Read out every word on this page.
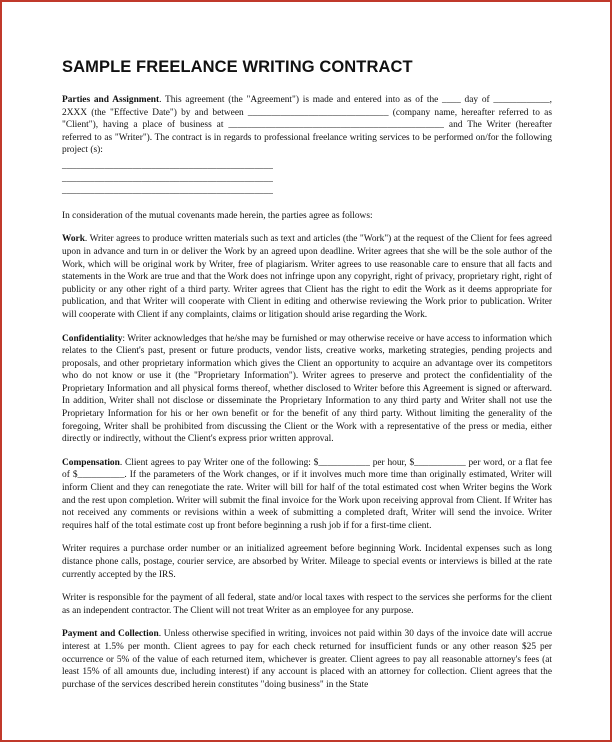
SAMPLE FREELANCE WRITING CONTRACT

Parties and Assignment. This agreement (the "Agreement") is made and entered into as of the ____ day of ____________, 2XXX (the "Effective Date") by and between ______________________________ (company name, hereafter referred to as "Client"), having a place of business at ______________________________________________ and The Writer (hereafter referred to as "Writer"). The contract is in regards to professional freelance writing services to be performed on/for the following project (s):

_____________________________________________
_____________________________________________
_____________________________________________

In consideration of the mutual covenants made herein, the parties agree as follows:

Work. Writer agrees to produce written materials such as text and articles (the "Work") at the request of the Client for fees agreed upon in advance and turn in or deliver the Work by an agreed upon deadline. Writer agrees that she will be the sole author of the Work, which will be original work by Writer, free of plagiarism. Writer agrees to use reasonable care to ensure that all facts and statements in the Work are true and that the Work does not infringe upon any copyright, right of privacy, proprietary right, right of publicity or any other right of a third party. Writer agrees that Client has the right to edit the Work as it deems appropriate for publication, and that Writer will cooperate with Client in editing and otherwise reviewing the Work prior to publication. Writer will cooperate with Client if any complaints, claims or litigation should arise regarding the Work.

Confidentiality: Writer acknowledges that he/she may be furnished or may otherwise receive or have access to information which relates to the Client's past, present or future products, vendor lists, creative works, marketing strategies, pending projects and proposals, and other proprietary information which gives the Client an opportunity to acquire an advantage over its competitors who do not know or use it (the "Proprietary Information"). Writer agrees to preserve and protect the confidentiality of the Proprietary Information and all physical forms thereof, whether disclosed to Writer before this Agreement is signed or afterward. In addition, Writer shall not disclose or disseminate the Proprietary Information to any third party and Writer shall not use the Proprietary Information for his or her own benefit or for the benefit of any third party. Without limiting the generality of the foregoing, Writer shall be prohibited from discussing the Client or the Work with a representative of the press or media, either directly or indirectly, without the Client's express prior written approval.

Compensation. Client agrees to pay Writer one of the following: $___________ per hour, $___________ per word, or a flat fee of $__________. If the parameters of the Work changes, or if it involves much more time than originally estimated, Writer will inform Client and they can renegotiate the rate. Writer will bill for half of the total estimated cost when Writer begins the Work and the rest upon completion. Writer will submit the final invoice for the Work upon receiving approval from Client. If Writer has not received any comments or revisions within a week of submitting a completed draft, Writer will send the invoice. Writer requires half of the total estimate cost up front before beginning a rush job if for a first-time client.

Writer requires a purchase order number or an initialized agreement before beginning Work. Incidental expenses such as long distance phone calls, postage, courier service, are absorbed by Writer. Mileage to special events or interviews is billed at the rate currently accepted by the IRS.

Writer is responsible for the payment of all federal, state and/or local taxes with respect to the services she performs for the client as an independent contractor. The Client will not treat Writer as an employee for any purpose.

Payment and Collection. Unless otherwise specified in writing, invoices not paid within 30 days of the invoice date will accrue interest at 1.5% per month. Client agrees to pay for each check returned for insufficient funds or any other reason $25 per occurrence or 5% of the value of each returned item, whichever is greater. Client agrees to pay all reasonable attorney's fees (at least 15% of all amounts due, including interest) if any account is placed with an attorney for collection. Client agrees that the purchase of the services described herein constitutes "doing business" in the State
